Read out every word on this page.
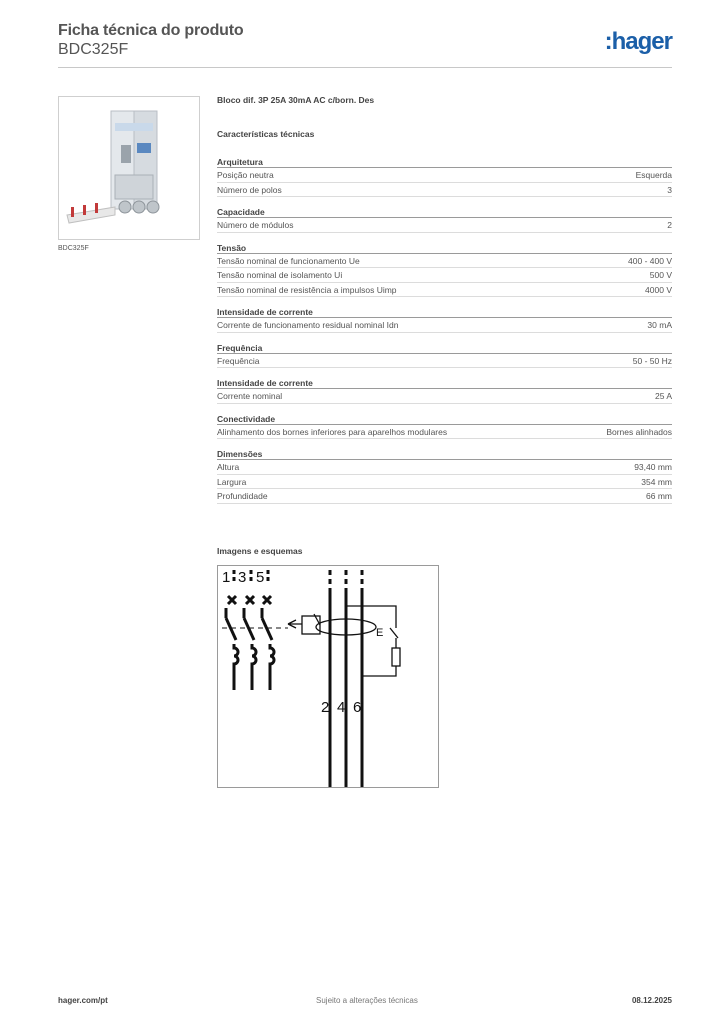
Ficha técnica do produto
BDC325F	:hager
BDC325F
Bloco dif. 3P 25A 30mA AC c/born. Des
Características técnicas
Arquitetura
Posição neutra	Esquerda
Número de polos	3
Capacidade
Número de módulos	2
Tensão
Tensão nominal de funcionamento Ue	400 - 400 V
Tensão nominal de isolamento Ui	500 V
Tensão nominal de resistência a impulsos Uimp	4000 V
Intensidade de corrente
Corrente de funcionamento residual nominal Idn	30 mA
Frequência
Frequência	50 - 50 Hz
Intensidade de corrente
Corrente nominal	25 A
Conectividade
Alinhamento dos bornes inferiores para aparelhos modulares	Bornes alinhados
Dimensões
Altura	93,40 mm
Largura	354 mm
Profundidade	66 mm
Imagens e esquemas
1 3 5
2 4 6
E
hager.com/pt	Sujeito a alterações técnicas	08.12.2025
